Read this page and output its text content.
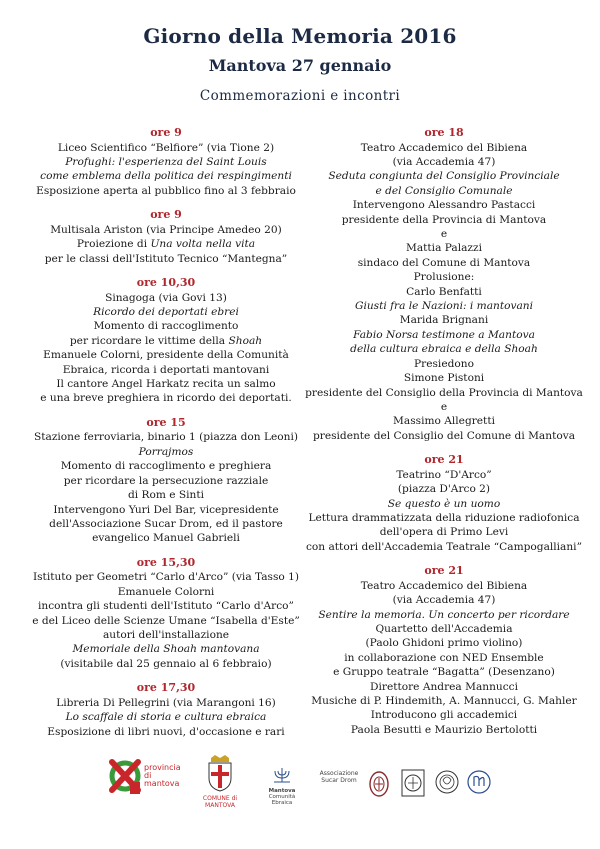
Giorno della Memoria 2016
Mantova 27 gennaio
Commemorazioni e incontri
ore 9
Liceo Scientifico “Belfiore” (via Tione 2)
Profughi: l'esperienza del Saint Louis
come emblema della politica dei respingimenti
Esposizione aperta al pubblico fino al 3 febbraio
ore 9
Multisala Ariston (via Principe Amedeo 20)
Proiezione di Una volta nella vita
per le classi dell'Istituto Tecnico “Mantegna”
ore 10,30
Sinagoga (via Govi 13)
Ricordo dei deportati ebrei
Momento di raccoglimento
per ricordare le vittime della Shoah
Emanuele Colorni, presidente della Comunità
Ebraica, ricorda i deportati mantovani
Il cantore Angel Harkatz recita un salmo
e una breve preghiera in ricordo dei deportati.
ore 15
Stazione ferroviaria, binario 1 (piazza don Leoni)
Porrajmos
Momento di raccoglimento e preghiera
per ricordare la persecuzione razziale
di Rom e Sinti
Intervengono Yuri Del Bar, vicepresidente
dell'Associazione Sucar Drom, ed il pastore
evangelico Manuel Gabrieli
ore 15,30
Istituto per Geometri “Carlo d'Arco” (via Tasso 1)
Emanuele Colorni
incontra gli studenti dell'Istituto “Carlo d'Arco”
e del Liceo delle Scienze Umane “Isabella d'Este”
autori dell'installazione
Memoriale della Shoah mantovana
(visitabile dal 25 gennaio al 6 febbraio)
ore 17,30
Libreria Di Pellegrini (via Marangoni 16)
Lo scaffale di storia e cultura ebraica
Esposizione di libri nuovi, d'occasione e rari
ore 18
Teatro Accademico del Bibiena
(via Accademia 47)
Seduta congiunta del Consiglio Provinciale
e del Consiglio Comunale
Intervengono Alessandro Pastacci
presidente della Provincia di Mantova
e
Mattia Palazzi
sindaco del Comune di Mantova
Prolusione:
Carlo Benfatti
Giusti fra le Nazioni: i mantovani
Marida Brignani
Fabio Norsa testimone a Mantova
della cultura ebraica e della Shoah
Presiedono
Simone Pistoni
presidente del Consiglio della Provincia di Mantova
e
Massimo Allegretti
presidente del Consiglio del Comune di Mantova
ore 21
Teatrino “D'Arco”
(piazza D'Arco 2)
Se questo è un uomo
Lettura drammatizzata della riduzione radiofonica
dell'opera di Primo Levi
con attori dell'Accademia Teatrale “Campogalliani”
ore 21
Teatro Accademico del Bibiena
(via Accademia 47)
Sentire la memoria. Un concerto per ricordare
Quartetto dell'Accademia
(Paolo Ghidoni primo violino)
in collaborazione con NED Ensemble
e Gruppo teatrale “Bagatta” (Desenzano)
Direttore Andrea Mannucci
Musiche di P. Hindemith, A. Mannucci, G. Mahler
Introducono gli accademici
Paola Besutti e Maurizio Bertolotti
provincia
di mantova
COMUNE di
MANTOVA
Mantova
Comunità Ebraica
Associazione
Sucar Drom
